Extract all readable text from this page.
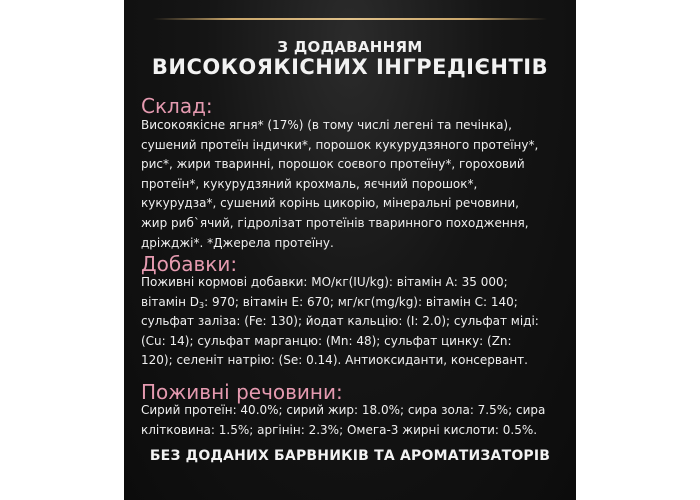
З ДОДАВАННЯМ
ВИСОКОЯКІСНИХ ІНГРЕДІЄНТІВ
Склад:
Високоякісне ягня* (17%) (в тому числі легені та печінка),
сушений протеїн індички*, порошок кукурудзяного протеїну*,
рис*, жири тваринні, порошок соєвого протеїну*, гороховий
протеїн*, кукурудзяний крохмаль, яєчний порошок*,
кукурудза*, сушений корінь цикорію, мінеральні речовини,
жир риб`ячий, гідролізат протеїнів тваринного походження,
дріжджі*. *Джерела протеїну.
Добавки:
Поживні кормові добавки: МО/кг(IU/kg): вітамін А: 35 000;
вітамін $D_3$: 970; вітамін Е: 670; мг/кг(mg/kg): вітамін С: 140;
сульфат заліза: (Fe: 130); йодат кальцію: (I: 2.0); сульфат міді:
(Cu: 14); сульфат марганцю: (Mn: 48); сульфат цинку: (Zn:
120); селеніт натрію: (Se: 0.14). Антиоксиданти, консервант.
Поживні речовини:
Сирий протеїн: 40.0%; сирий жир: 18.0%; сира зола: 7.5%; сира
клітковина: 1.5%; аргінін: 2.3%; Омега-3 жирні кислоти: 0.5%.
БЕЗ ДОДАНИХ БАРВНИКІВ ТА АРОМАТИЗАТОРІВ
